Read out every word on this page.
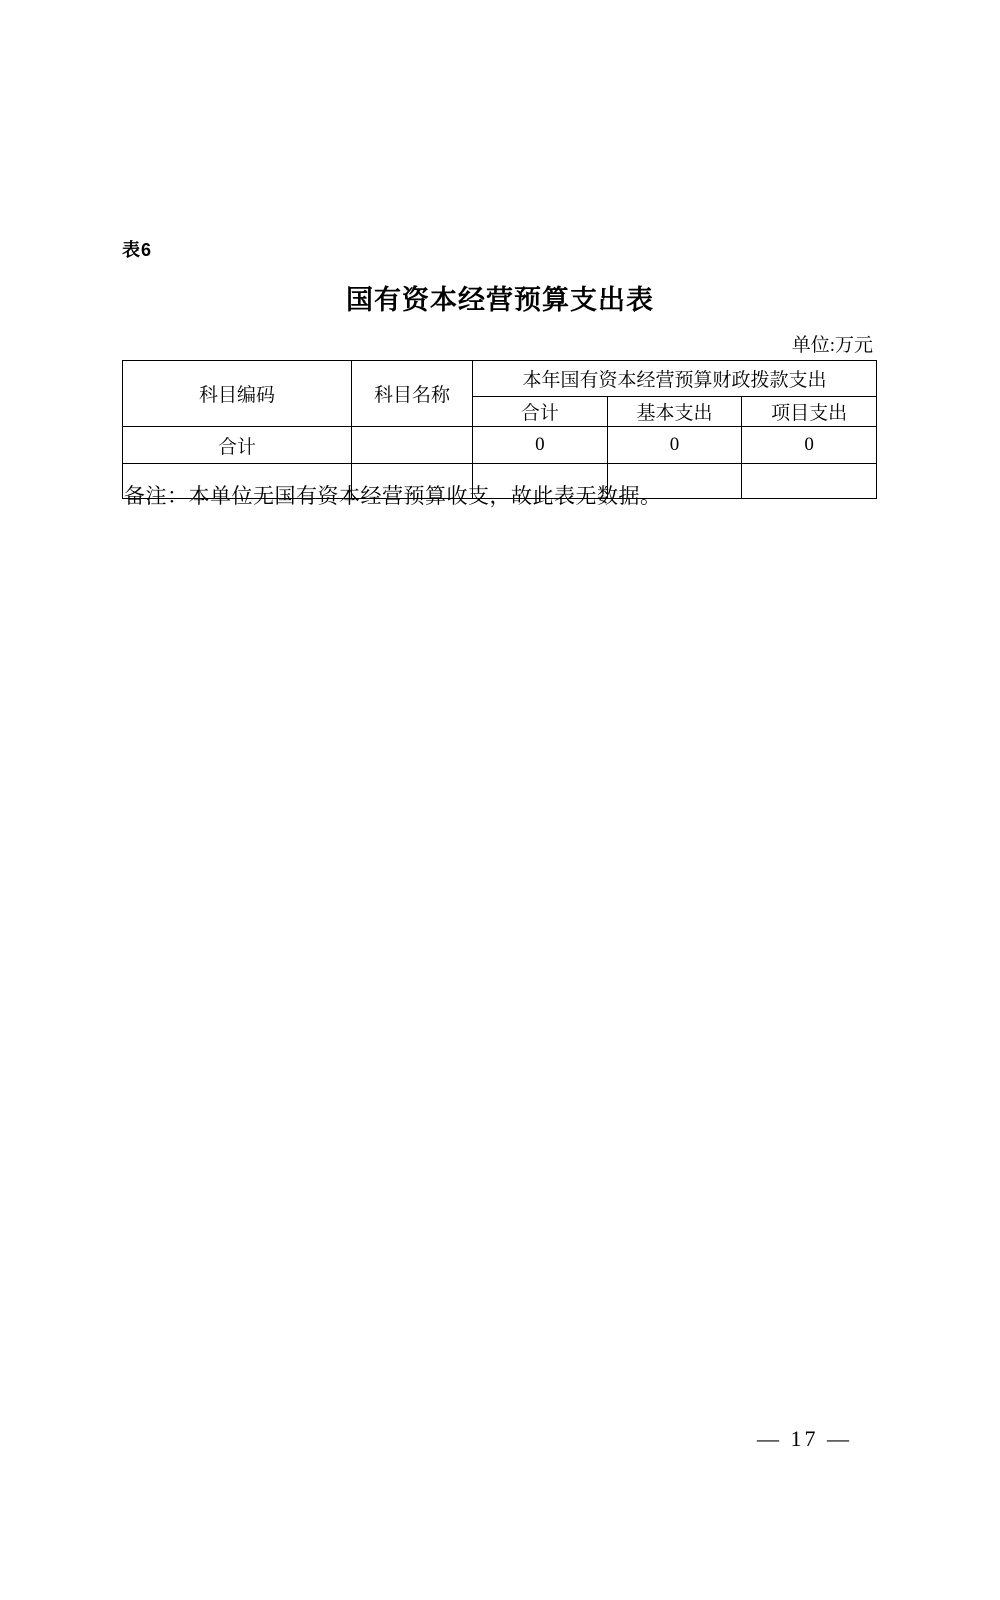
表6
国有资本经营预算支出表
单位:万元
科目编码	科目名称	本年国有资本经营预算财政拨款支出		
		合计	基本支出	项目支出
合计		0	0	0

备注：本单位无国有资本经营预算收支，故此表无数据。
— 17 —
